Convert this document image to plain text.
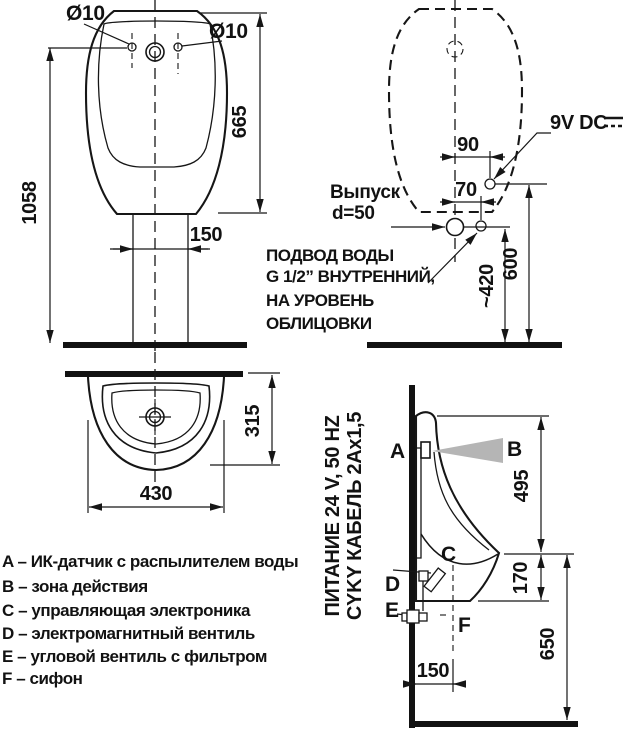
Ø10
Ø10
1058
665
150
9V DC
90
70
Выпуск
d=50
ПОДВОД ВОДЫ
G 1/2” ВНУТРЕННИЙ,
НА УРОВЕНЬ
ОБЛИЦОВКИ
~420
600
315
430
A – ИК-датчик с распылителем воды
B – зона действия
C – управляющая электроника
D – электромагнитный вентиль
E – угловой вентиль с фильтром
F – сифон
ПИТАНИЕ 24 V, 50 HZ CYKY КАБЕЛЬ 2Ax1,5 A	B
C
D
E
F
495
170
650
150
